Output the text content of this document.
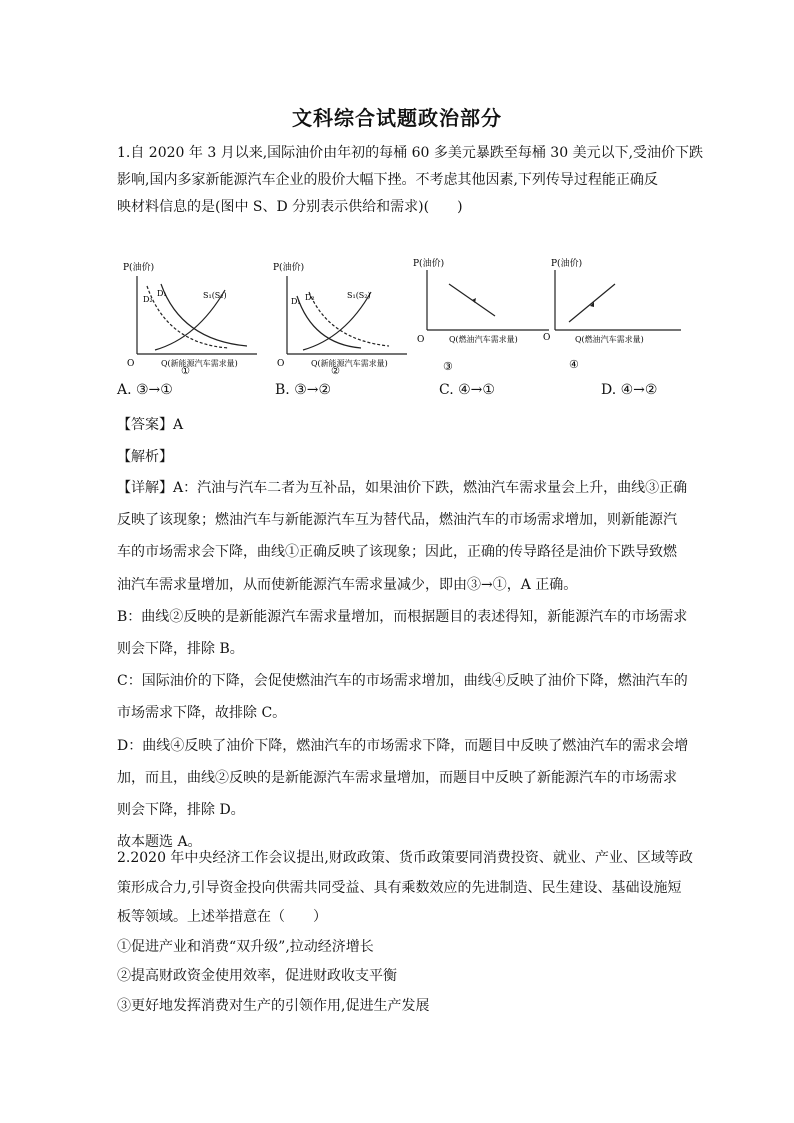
文科综合试题政治部分
1.自 2020 年 3 月以来,国际油价由年初的每桶 60 多美元暴跌至每桶 30 美元以下,受油价下跌
影响,国内多家新能源汽车企业的股价大幅下挫。不考虑其他因素,下列传导过程能正确反
映材料信息的是(图中 S、D 分别表示供给和需求)(　　)
P(油价)
O	Q(新能源汽车需求量)
D₂
D₁	S₁(S₂)
①
P(油价)
O	Q(新能源汽车需求量)
D₁ D₂	S₁(S₂)
②
P(油价)
O	Q(燃油汽车需求量)
③
P(油价)
O	Q(燃油汽车需求量)
④
A. ③→①	B. ③→②	C. ④→①	D. ④→②
【答案】A
【解析】
【详解】A：汽油与汽车二者为互补品，如果油价下跌，燃油汽车需求量会上升，曲线③正确
反映了该现象；燃油汽车与新能源汽车互为替代品，燃油汽车的市场需求增加，则新能源汽
车的市场需求会下降，曲线①正确反映了该现象；因此，正确的传导路径是油价下跌导致燃
油汽车需求量增加，从而使新能源汽车需求量减少，即由③→①，A 正确。
B：曲线②反映的是新能源汽车需求量增加，而根据题目的表述得知，新能源汽车的市场需求
则会下降，排除 B。
C：国际油价的下降，会促使燃油汽车的市场需求增加，曲线④反映了油价下降，燃油汽车的
市场需求下降，故排除 C。
D：曲线④反映了油价下降，燃油汽车的市场需求下降，而题目中反映了燃油汽车的需求会增
加，而且，曲线②反映的是新能源汽车需求量增加，而题目中反映了新能源汽车的市场需求
则会下降，排除 D。
故本题选 A。
2.2020 年中央经济工作会议提出,财政政策、货币政策要同消费投资、就业、产业、区域等政
策形成合力,引导资金投向供需共同受益、具有乘数效应的先进制造、民生建设、基础设施短
板等领域。上述举措意在（　　）
①促进产业和消费“双升级”,拉动经济增长
②提高财政资金使用效率，促进财政收支平衡
③更好地发挥消费对生产的引领作用,促进生产发展
